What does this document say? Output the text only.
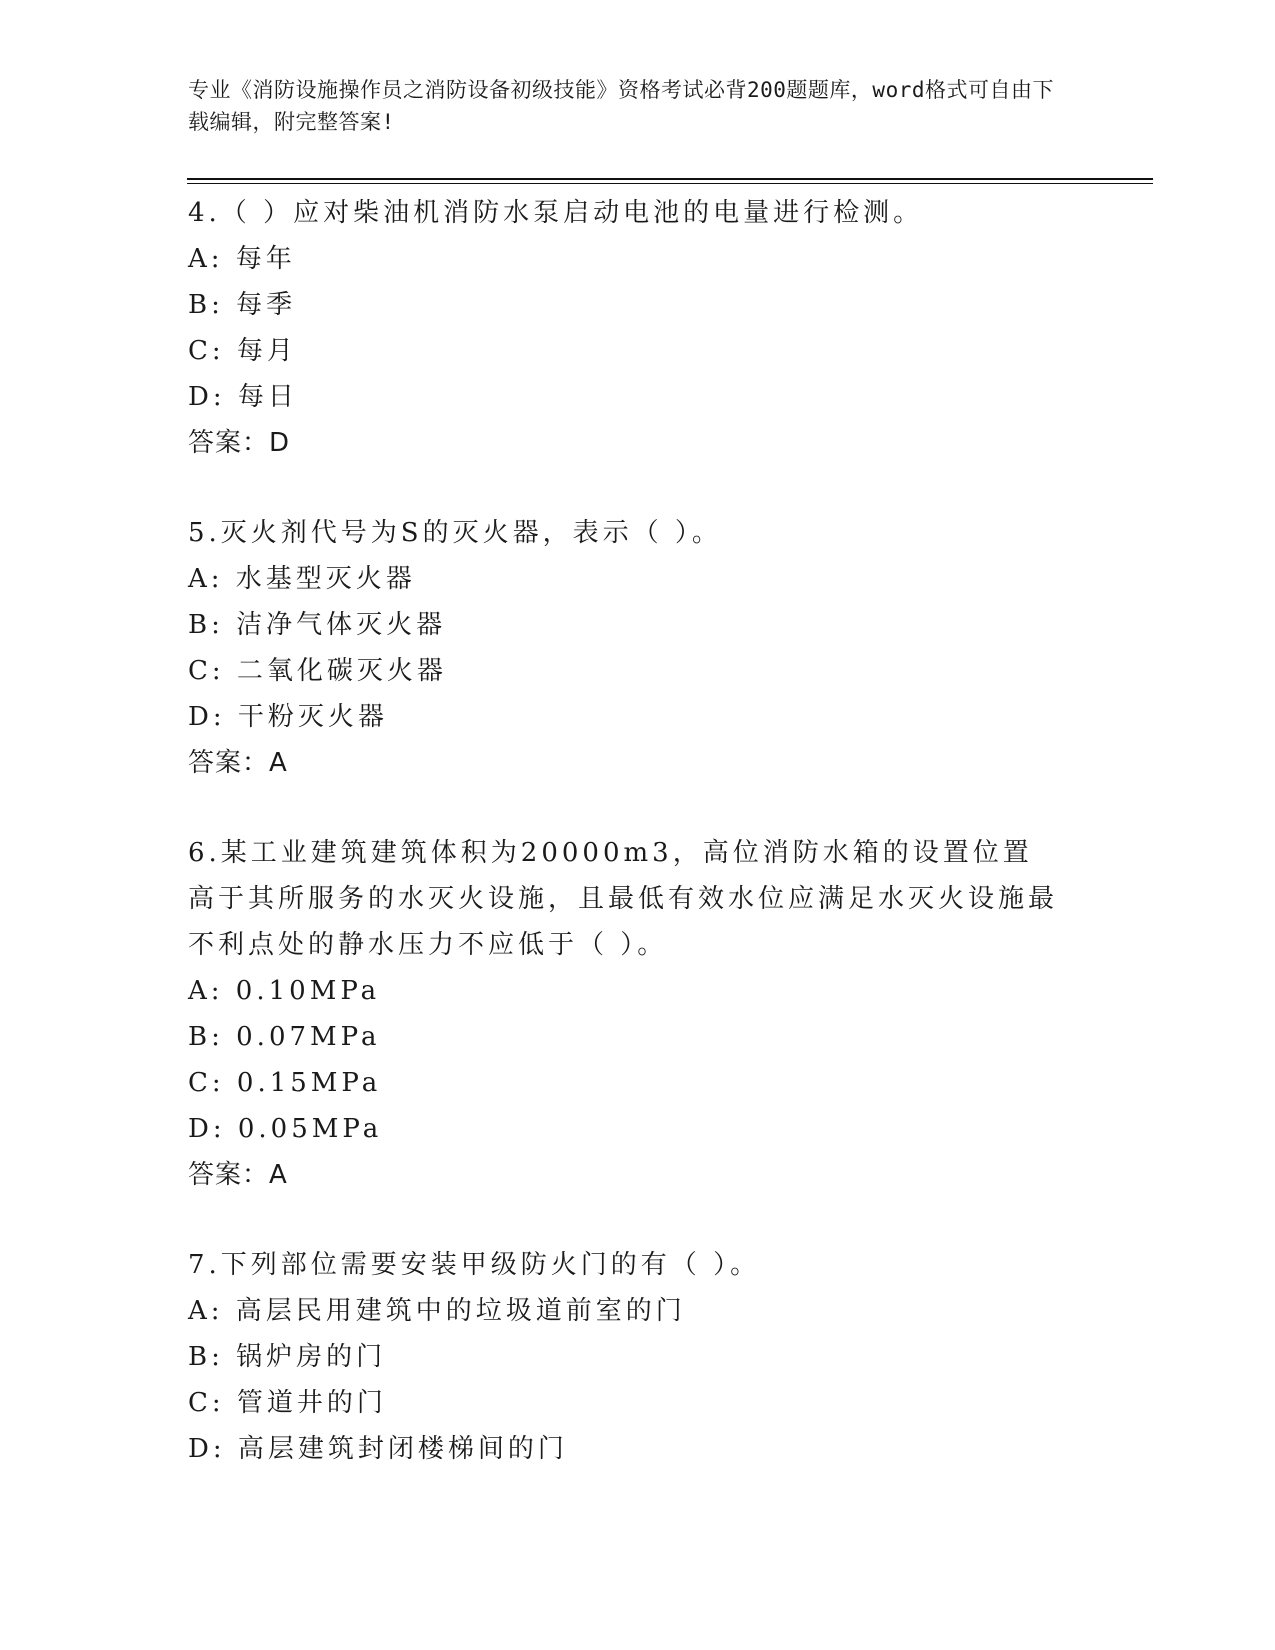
专业《消防设施操作员之消防设备初级技能》资格考试必背200题题库，word格式可自由下载编辑，附完整答案!
4.（ ）应对柴油机消防水泵启动电池的电量进行检测。
A: 每年
B: 每季
C: 每月
D: 每日
答案：D
5.灭火剂代号为S的灭火器，表示（ ）。
A: 水基型灭火器
B: 洁净气体灭火器
C: 二氧化碳灭火器
D: 干粉灭火器
答案：A
6.某工业建筑建筑体积为20000m3，高位消防水箱的设置位置高于其所服务的水灭火设施，且最低有效水位应满足水灭火设施最不利点处的静水压力不应低于（ ）。
A: 0.10MPa
B: 0.07MPa
C: 0.15MPa
D: 0.05MPa
答案：A
7.下列部位需要安装甲级防火门的有（ ）。
A: 高层民用建筑中的垃圾道前室的门
B: 锅炉房的门
C: 管道井的门
D: 高层建筑封闭楼梯间的门
